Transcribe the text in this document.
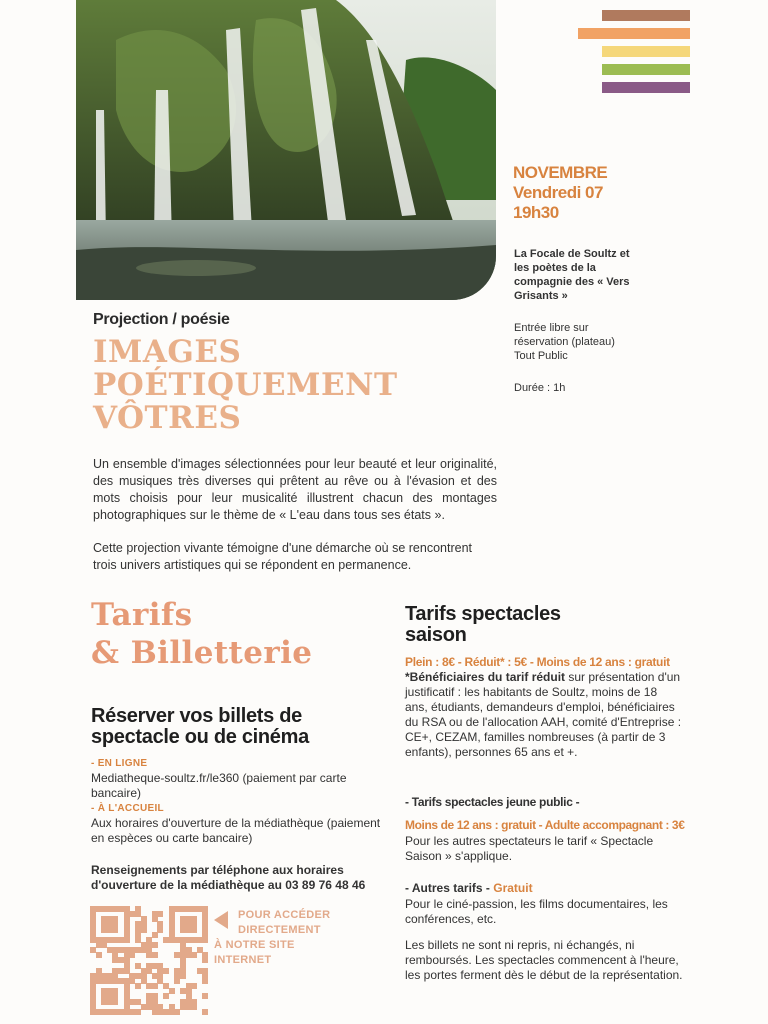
NOVEMBRE
Vendredi 07
19h30
La Focale de Soultz et les poètes de la compagnie des « Vers Grisants »
Entrée libre sur
réservation (plateau)
Tout Public
Durée : 1h
Projection / poésie
IMAGES
POÉTIQUEMENT
VÔTRES
Un ensemble d'images sélectionnées pour leur beauté et leur originalité, des musiques très diverses qui prêtent au rêve ou à l'évasion et des mots choisis pour leur musicalité illustrent chacun des montages photographiques sur le thème de « L'eau dans tous ses états ».
Cette projection vivante témoigne d'une démarche où se rencontrent trois univers artistiques qui se répondent en permanence.
Tarifs
& Billetterie
Réserver vos billets de spectacle ou de cinéma
- EN LIGNE
Mediatheque-soultz.fr/le360 (paiement par carte bancaire)
- À L'ACCUEIL
Aux horaires d'ouverture de la médiathèque (paiement en espèces ou carte bancaire)
Renseignements par téléphone aux horaires d'ouverture de la médiathèque au 03 89 76 48 46
POUR ACCÉDER
DIRECTEMENT
À NOTRE SITE
INTERNET
Tarifs spectacles saison
Plein : 8€ - Réduit* : 5€ - Moins de 12 ans : gratuit
*Bénéficiaires du tarif réduit sur présentation d'un justificatif : les habitants de Soultz, moins de 18 ans, étudiants, demandeurs d'emploi, bénéficiaires du RSA ou de l'allocation AAH, comité d'Entreprise : CE+, CEZAM, familles nombreuses (à partir de 3 enfants), personnes 65 ans et +.
- Tarifs spectacles jeune public -
Moins de 12 ans : gratuit - Adulte accompagnant : 3€
Pour les autres spectateurs le tarif « Spectacle Saison » s'applique.
- Autres tarifs - Gratuit
Pour le ciné-passion, les films documentaires, les conférences, etc.
Les billets ne sont ni repris, ni échangés, ni remboursés. Les spectacles commencent à l'heure, les portes ferment dès le début de la représentation.
